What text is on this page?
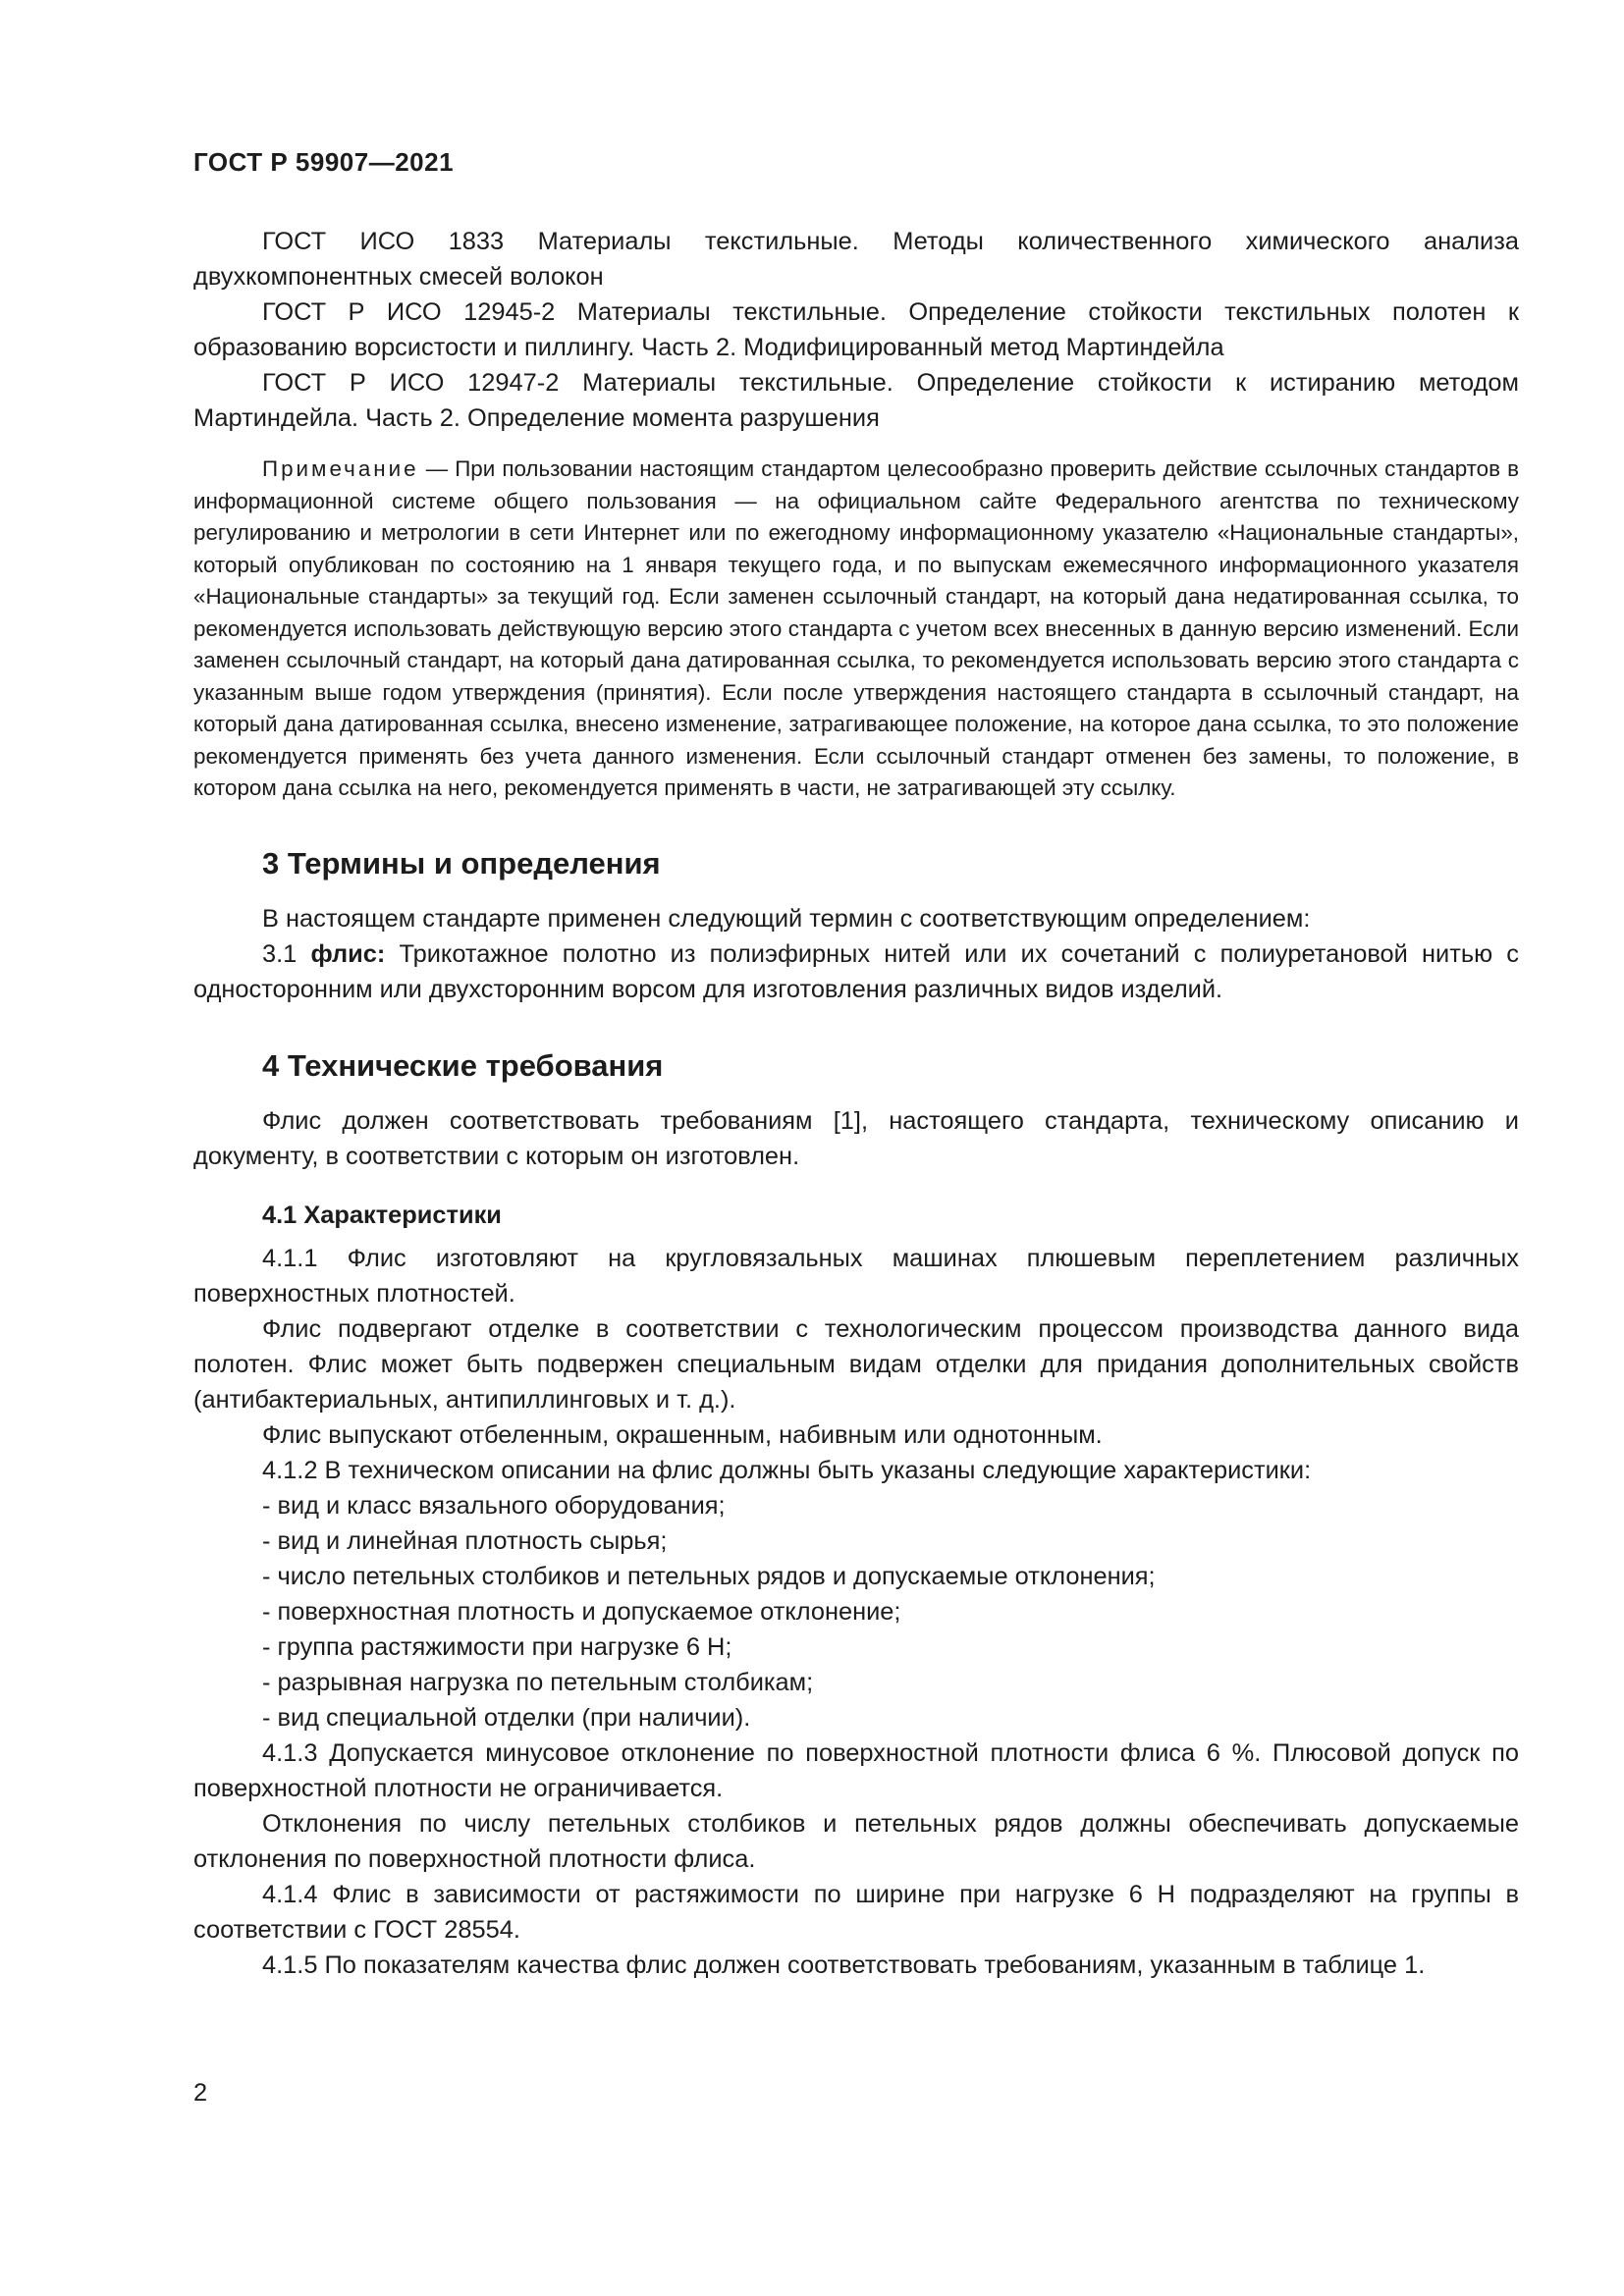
ГОСТ Р 59907—2021

ГОСТ ИСО 1833 Материалы текстильные. Методы количественного химического анализа двухкомпонентных смесей волокон

ГОСТ Р ИСО 12945-2 Материалы текстильные. Определение стойкости текстильных полотен к образованию ворсистости и пиллингу. Часть 2. Модифицированный метод Мартиндейла

ГОСТ Р ИСО 12947-2 Материалы текстильные. Определение стойкости к истиранию методом Мартиндейла. Часть 2. Определение момента разрушения

Примечание — При пользовании настоящим стандартом целесообразно проверить действие ссылочных стандартов в информационной системе общего пользования — на официальном сайте Федерального агентства по техническому регулированию и метрологии в сети Интернет или по ежегодному информационному указателю «Национальные стандарты», который опубликован по состоянию на 1 января текущего года, и по выпускам ежемесячного информационного указателя «Национальные стандарты» за текущий год. Если заменен ссылочный стандарт, на который дана недатированная ссылка, то рекомендуется использовать действующую версию этого стандарта с учетом всех внесенных в данную версию изменений. Если заменен ссылочный стандарт, на который дана датированная ссылка, то рекомендуется использовать версию этого стандарта с указанным выше годом утверждения (принятия). Если после утверждения настоящего стандарта в ссылочный стандарт, на который дана датированная ссылка, внесено изменение, затрагивающее положение, на которое дана ссылка, то это положение рекомендуется применять без учета данного изменения. Если ссылочный стандарт отменен без замены, то положение, в котором дана ссылка на него, рекомендуется применять в части, не затрагивающей эту ссылку.
3 Термины и определения

В настоящем стандарте применен следующий термин с соответствующим определением:

3.1 флис: Трикотажное полотно из полиэфирных нитей или их сочетаний с полиуретановой нитью с односторонним или двухсторонним ворсом для изготовления различных видов изделий.

4 Технические требования

Флис должен соответствовать требованиям [1], настоящего стандарта, техническому описанию и документу, в соответствии с которым он изготовлен.

4.1 Характеристики

4.1.1 Флис изготовляют на кругловязальных машинах плюшевым переплетением различных поверхностных плотностей.

Флис подвергают отделке в соответствии с технологическим процессом производства данного вида полотен. Флис может быть подвержен специальным видам отделки для придания дополнительных свойств (антибактериальных, антипиллинговых и т. д.).

Флис выпускают отбеленным, окрашенным, набивным или однотонным.

4.1.2 В техническом описании на флис должны быть указаны следующие характеристики:

- вид и класс вязального оборудования;

- вид и линейная плотность сырья;

- число петельных столбиков и петельных рядов и допускаемые отклонения;

- поверхностная плотность и допускаемое отклонение;

- группа растяжимости при нагрузке 6 Н;

- разрывная нагрузка по петельным столбикам;

- вид специальной отделки (при наличии).

4.1.3 Допускается минусовое отклонение по поверхностной плотности флиса 6 %. Плюсовой допуск по поверхностной плотности не ограничивается.

Отклонения по числу петельных столбиков и петельных рядов должны обеспечивать допускаемые отклонения по поверхностной плотности флиса.

4.1.4 Флис в зависимости от растяжимости по ширине при нагрузке 6 Н подразделяют на группы в соответствии с ГОСТ 28554.

4.1.5 По показателям качества флис должен соответствовать требованиям, указанным в таблице 1.

2
